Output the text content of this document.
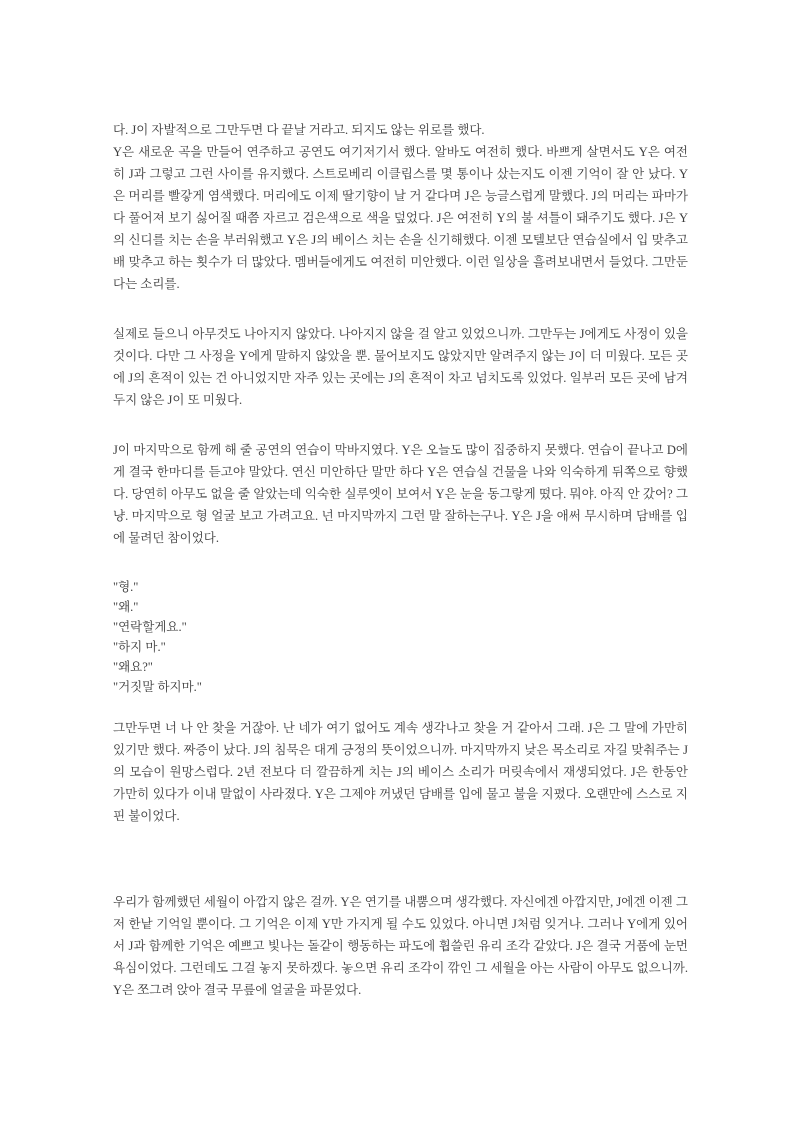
다. J이 자발적으로 그만두면 다 끝날 거라고. 되지도 않는 위로를 했다.

Y은 새로운 곡을 만들어 연주하고 공연도 여기저기서 했다. 알바도 여전히 했다. 바쁘게 살면서도 Y은 여전히 J과 그렇고 그런 사이를 유지했다. 스트로베리 이클립스를 몇 통이나 샀는지도 이젠 기억이 잘 안 났다. Y은 머리를 빨갛게 염색했다. 머리에도 이제 딸기향이 날 거 같다며 J은 능글스럽게 말했다. J의 머리는 파마가 다 풀어져 보기 싫어질 때쯤 자르고 검은색으로 색을 덮었다. J은 여전히 Y의 불 셔틀이 돼주기도 했다. J은 Y의 신디를 치는 손을 부러워했고 Y은 J의 베이스 치는 손을 신기해했다. 이젠 모텔보단 연습실에서 입 맞추고 배 맞추고 하는 횟수가 더 많았다. 멤버들에게도 여전히 미안했다. 이런 일상을 흘려보내면서 들었다. 그만둔다는 소리를.

실제로 들으니 아무것도 나아지지 않았다. 나아지지 않을 걸 알고 있었으니까. 그만두는 J에게도 사정이 있을 것이다. 다만 그 사정을 Y에게 말하지 않았을 뿐. 물어보지도 않았지만 알려주지 않는 J이 더 미웠다. 모든 곳에 J의 흔적이 있는 건 아니었지만 자주 있는 곳에는 J의 흔적이 차고 넘치도록 있었다. 일부러 모든 곳에 남겨두지 않은 J이 또 미웠다.

J이 마지막으로 함께 해 줄 공연의 연습이 막바지였다. Y은 오늘도 많이 집중하지 못했다. 연습이 끝나고 D에게 결국 한마디를 듣고야 말았다. 연신 미안하단 말만 하다 Y은 연습실 건물을 나와 익숙하게 뒤쪽으로 향했다. 당연히 아무도 없을 줄 알았는데 익숙한 실루엣이 보여서 Y은 눈을 동그랗게 떴다. 뭐야. 아직 안 갔어? 그냥. 마지막으로 형 얼굴 보고 가려고요. 넌 마지막까지 그런 말 잘하는구나. Y은 J을 애써 무시하며 담배를 입에 물려던 참이었다.

"형."

"왜."

"연락할게요."

"하지 마."

"왜요?"

"거짓말 하지마."

그만두면 너 나 안 찾을 거잖아. 난 네가 여기 없어도 계속 생각나고 찾을 거 같아서 그래. J은 그 말에 가만히 있기만 했다. 짜증이 났다. J의 침묵은 대게 긍정의 뜻이었으니까. 마지막까지 낮은 목소리로 자길 맞춰주는 J의 모습이 원망스럽다. 2년 전보다 더 깔끔하게 치는 J의 베이스 소리가 머릿속에서 재생되었다. J은 한동안 가만히 있다가 이내 말없이 사라졌다. Y은 그제야 꺼냈던 담배를 입에 물고 불을 지폈다. 오랜만에 스스로 지핀 불이었다.

우리가 함께했던 세월이 아깝지 않은 걸까. Y은 연기를 내뿜으며 생각했다. 자신에겐 아깝지만, J에겐 이젠 그저 한낱 기억일 뿐이다. 그 기억은 이제 Y만 가지게 될 수도 있었다. 아니면 J처럼 잊거나. 그러나 Y에게 있어서 J과 함께한 기억은 예쁘고 빛나는 돌같이 행동하는 파도에 휩쓸린 유리 조각 같았다. J은 결국 거품에 눈먼 욕심이었다. 그런데도 그걸 놓지 못하겠다. 놓으면 유리 조각이 깎인 그 세월을 아는 사람이 아무도 없으니까. Y은 쪼그려 앉아 결국 무릎에 얼굴을 파묻었다.
